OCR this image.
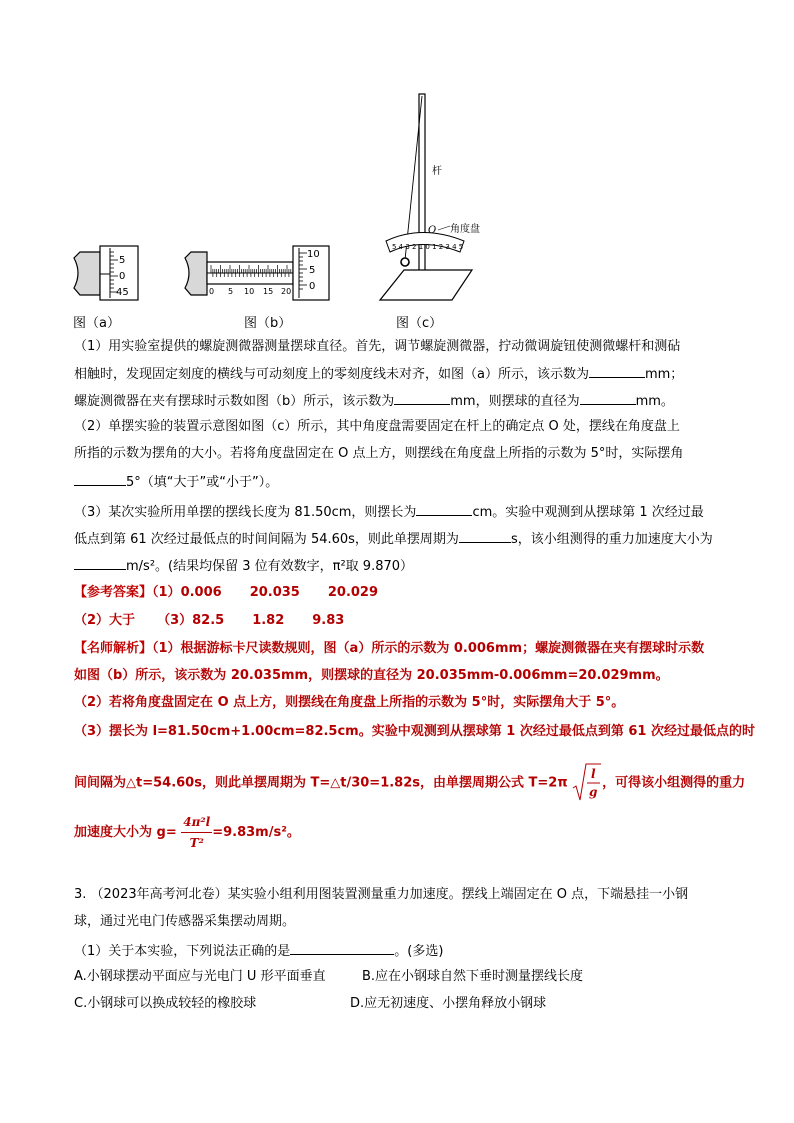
5
0
45
图（a）
10
5
0
0 5 10 15 20
图（b）
5 4 3 2 1 0 1 2 3 4 5
杆
O 角度盘
图（c）
（1）用实验室提供的螺旋测微器测量摆球直径。首先，调节螺旋测微器，拧动微调旋钮使测微螺杆和测砧
相触时，发现固定刻度的横线与可动刻度上的零刻度线未对齐，如图（a）所示，该示数为	mm；
螺旋测微器在夹有摆球时示数如图（b）所示，该示数为	mm，则摆球的直径为	mm。
（2）单摆实验的装置示意图如图（c）所示，其中角度盘需要固定在杆上的确定点 O 处，摆线在角度盘上
所指的示数为摆角的大小。若将角度盘固定在 O 点上方，则摆线在角度盘上所指的示数为 5°时，实际摆角
5°（填“大于”或“小于”）。
（3）某次实验所用单摆的摆线长度为 81.50cm，则摆长为	cm。实验中观测到从摆球第 1 次经过最
低点到第 61 次经过最低点的时间间隔为 54.60s，则此单摆周期为	s，该小组测得的重力加速度大小为
m/s²。(结果均保留 3 位有效数字，π²取 9.870）
【参考答案】（1）0.006 20.035 20.029
（2）大于 （3）82.5 1.82 9.83
【名师解析】（1）根据游标卡尺读数规则，图（a）所示的示数为 0.006mm；螺旋测微器在夹有摆球时示数
如图（b）所示，该示数为 20.035mm，则摆球的直径为 20.035mm-0.006mm=20.029mm。
（2）若将角度盘固定在 O 点上方，则摆线在角度盘上所指的示数为 5°时，实际摆角大于 5°。
（3）摆长为 l=81.50cm+1.00cm=82.5cm。实验中观测到从摆球第 1 次经过最低点到第 61 次经过最低点的时
间间隔为△t=54.60s，则此单摆周期为 T=△t/30=1.82s，由单摆周期公式 T=2π
l
g
，可得该小组测得的重力
加速度大小为 $g= \frac{\text{4π²l}}{\text{T²}} =9.83m/s^2$。
3. （2023年高考河北卷）某实验小组利用图装置测量重力加速度。摆线上端固定在 O 点，下端悬挂一小钢
球，通过光电门传感器采集摆动周期。
（1）关于本实验，下列说法正确的是	。(多选)
A.小钢球摆动平面应与光电门 U 形平面垂直	B.应在小钢球自然下垂时测量摆线长度
C.小钢球可以换成较轻的橡胶球	D.应无初速度、小摆角释放小钢球
